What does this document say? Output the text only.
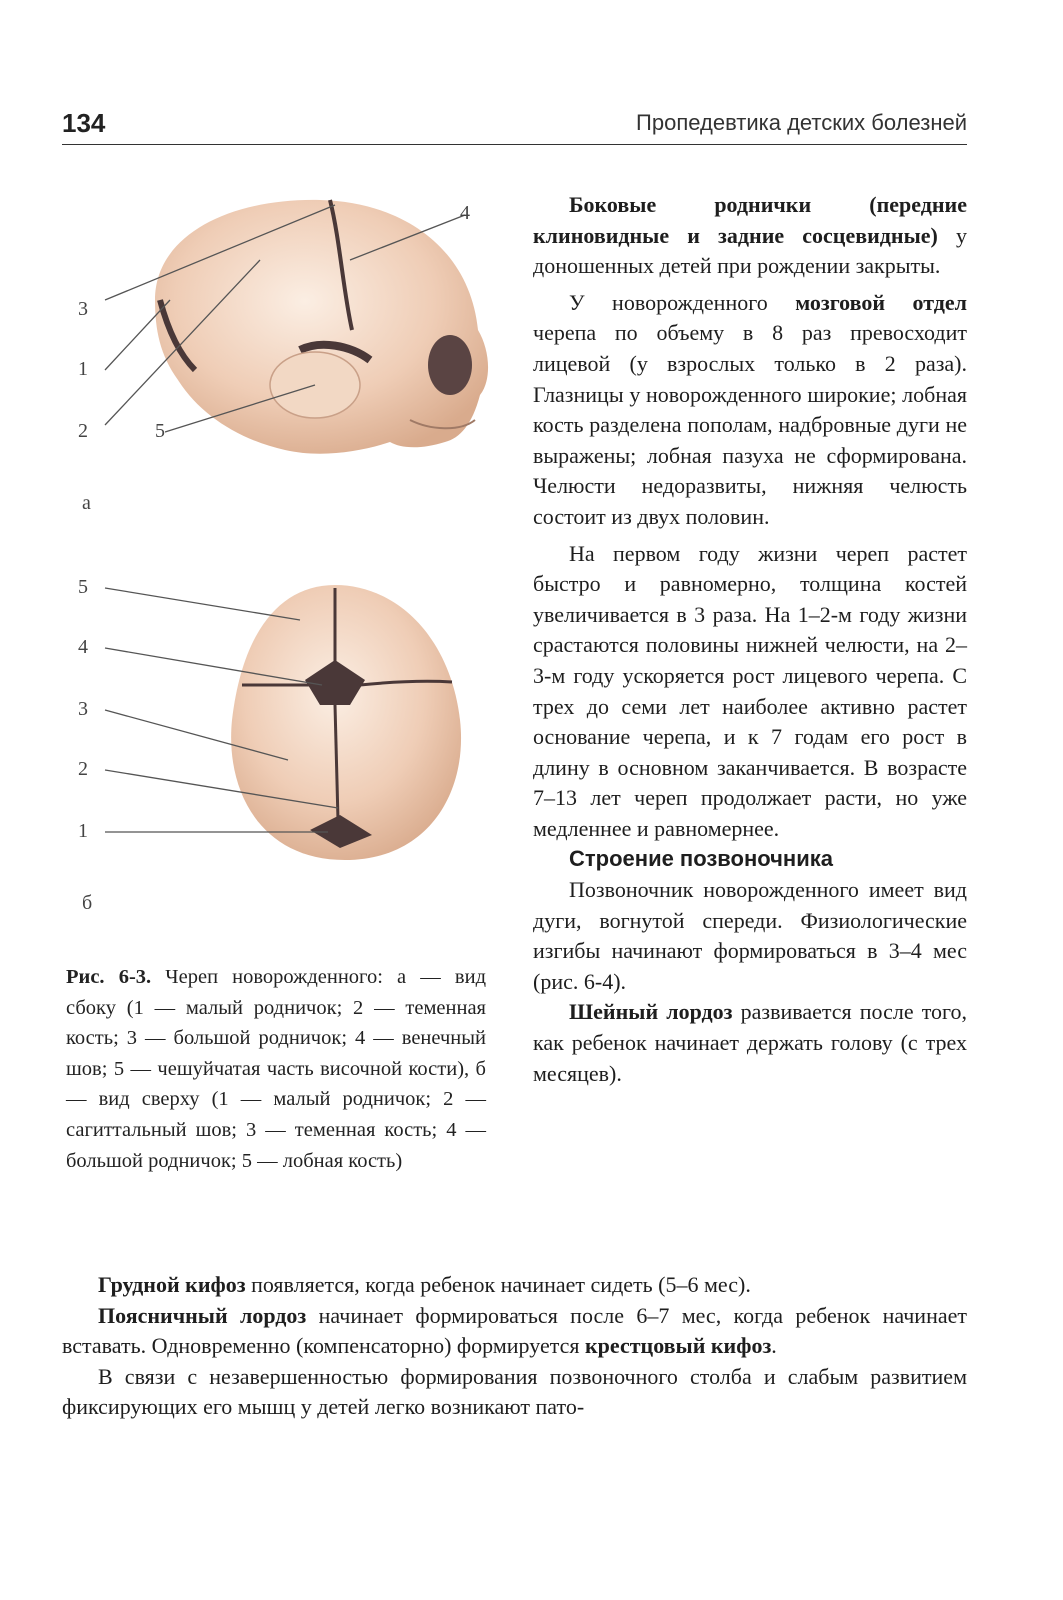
134	Пропедевтика детских болезней
3
1
2
4
5
а
5
4
3
2
1
б
Рис. 6-3. Череп новорожденного: а — вид сбоку (1 — малый родничок; 2 — теменная кость; 3 — большой родничок; 4 — венечный шов; 5 — чешуйчатая часть височной кости), б — вид сверху (1 — малый родничок; 2 — сагиттальный шов; 3 — теменная кость; 4 — большой родничок; 5 — лобная кость)

Боковые роднички (передние клиновидные и задние сосцевидные) у доношенных детей при рождении закрыты.

У новорожденного мозговой отдел черепа по объему в 8 раз превосходит лицевой (у взрослых только в 2 раза). Глазницы у новорожденного широкие; лобная кость разделена пополам, надбровные дуги не выражены; лобная пазуха не сформирована. Челюсти недоразвиты, нижняя челюсть состоит из двух половин.

На первом году жизни череп растет быстро и равномерно, толщина костей увеличивается в 3 раза. На 1–2-м году жизни срастаются половины нижней челюсти, на 2–3-м году ускоряется рост лицевого черепа. С трех до семи лет наиболее активно растет основание черепа, и к 7 годам его рост в длину в основном заканчивается. В возрасте 7–13 лет череп продолжает расти, но уже медленнее и равномернее.

Строение позвоночника

Позвоночник новорожденного имеет вид дуги, вогнутой спереди. Физиологические изгибы начинают формироваться в 3–4 мес (рис. 6-4).

Шейный лордоз развивается после того, как ребенок начинает держать голову (с трех месяцев).

Грудной кифоз появляется, когда ребенок начинает сидеть (5–6 мес).

Поясничный лордоз начинает формироваться после 6–7 мес, когда ребенок начинает вставать. Одновременно (компенсаторно) формируется крестцовый кифоз.

В связи с незавершенностью формирования позвоночного столба и слабым развитием фиксирующих его мышц у детей легко возникают пато-
